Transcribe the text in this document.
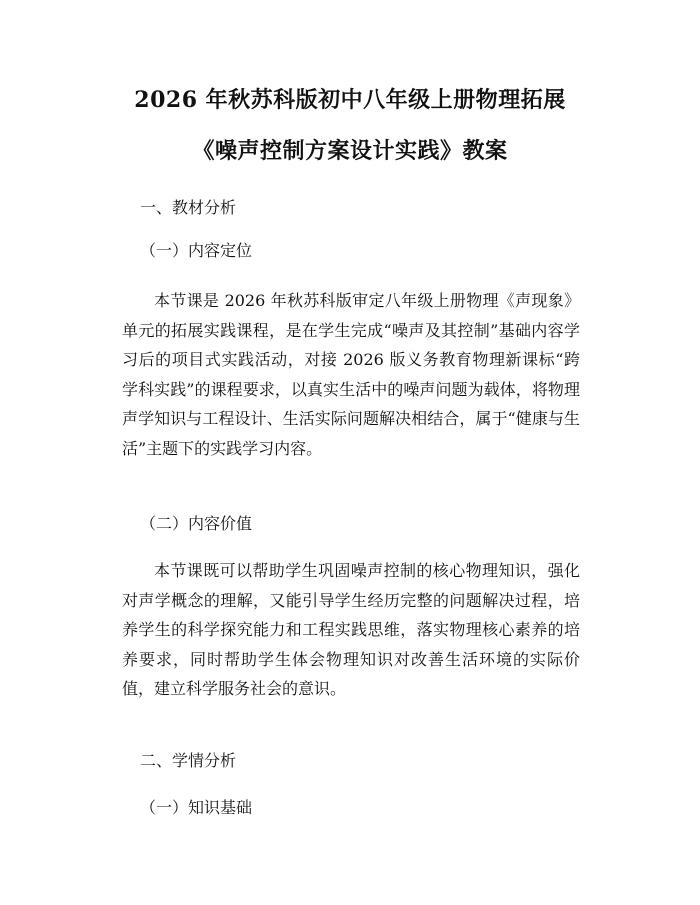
2026 年秋苏科版初中八年级上册物理拓展
《噪声控制方案设计实践》教案

一、教材分析

（一）内容定位

本节课是 2026 年秋苏科版审定八年级上册物理《声现象》单元的拓展实践课程，是在学生完成“噪声及其控制”基础内容学习后的项目式实践活动，对接 2026 版义务教育物理新课标“跨学科实践”的课程要求，以真实生活中的噪声问题为载体，将物理声学知识与工程设计、生活实际问题解决相结合，属于“健康与生活”主题下的实践学习内容。

（二）内容价值

本节课既可以帮助学生巩固噪声控制的核心物理知识，强化对声学概念的理解，又能引导学生经历完整的问题解决过程，培养学生的科学探究能力和工程实践思维，落实物理核心素养的培养要求，同时帮助学生体会物理知识对改善生活环境的实际价值，建立科学服务社会的意识。

二、学情分析

（一）知识基础
